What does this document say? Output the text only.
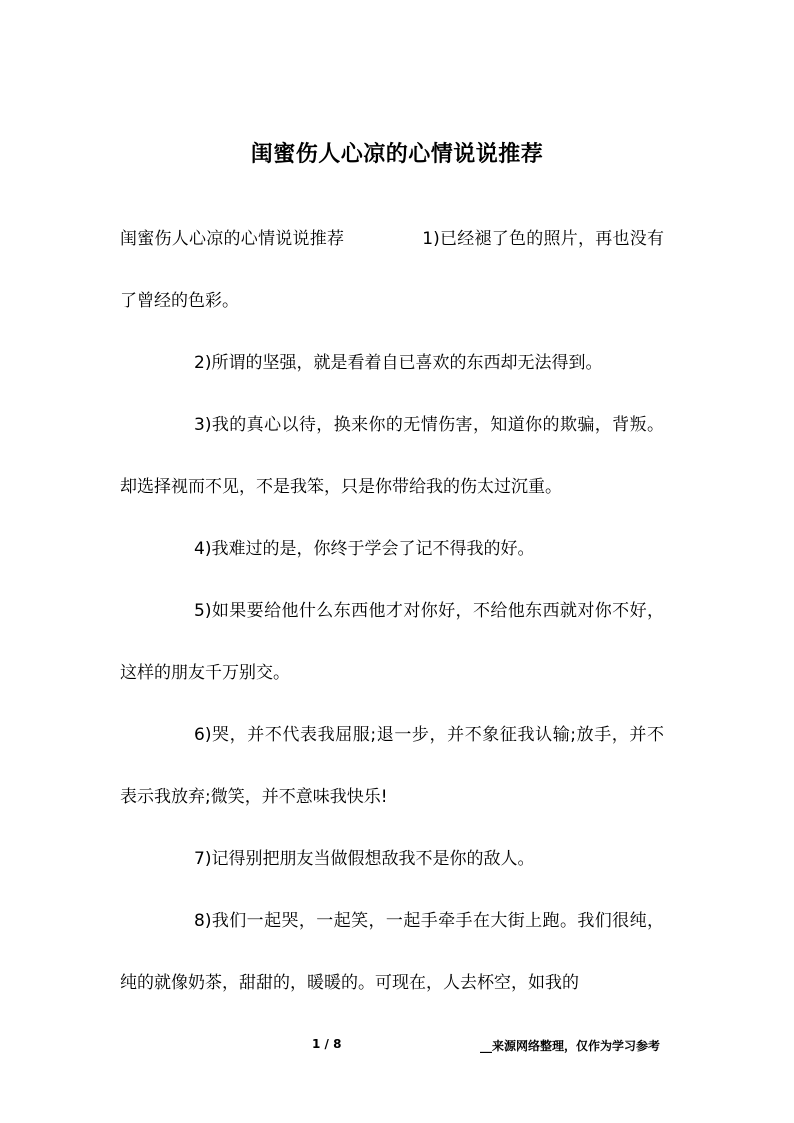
闺蜜伤人心凉的心情说说推荐

闺蜜伤人心凉的心情说说推荐	1)已经褪了色的照片，再也没有了曾经的色彩。

2)所谓的坚强，就是看着自已喜欢的东西却无法得到。

3)我的真心以待，换来你的无情伤害，知道你的欺骗，背叛。却选择视而不见，不是我笨，只是你带给我的伤太过沉重。

4)我难过的是，你终于学会了记不得我的好。

5)如果要给他什么东西他才对你好，不给他东西就对你不好，这样的朋友千万别交。

6)哭，并不代表我屈服;退一步，并不象征我认输;放手，并不表示我放弃;微笑，并不意味我快乐!

7)记得别把朋友当做假想敌我不是你的敌人。

8)我们一起哭，一起笑，一起手牵手在大街上跑。我们很纯，纯的就像奶茶，甜甜的，暖暖的。可现在，人去杯空，如我的

1 / 8	__来源网络整理，仅作为学习参考
